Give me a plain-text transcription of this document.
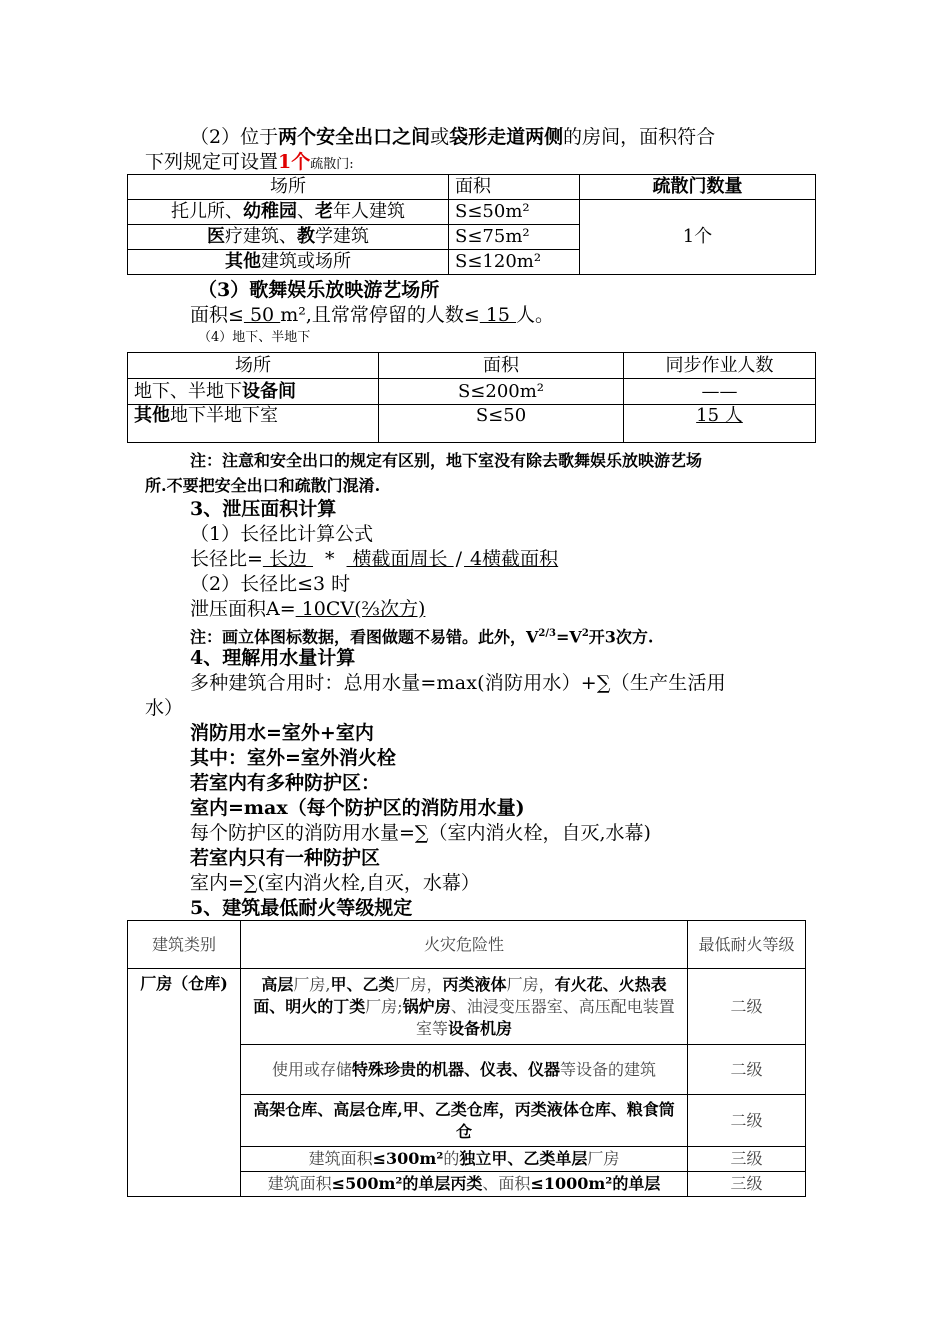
（2）位于两个安全出口之间或袋形走道两侧的房间，面积符合
下列规定可设置1个疏散门:
场所	面积	疏散门数量
托儿所、幼稚园、老年人建筑	S≤50m²	1个
医疗建筑、教学建筑	S≤75m²	
其他建筑或场所	S≤120m²	
（3）歌舞娱乐放映游艺场所
面积≤ 50 m²,且常常停留的人数≤ 15 人。
（4）地下、半地下
场所	面积	同步作业人数
地下、半地下设备间	S≤200m²	——
其他地下半地下室	S≤50	15 人
注：注意和安全出口的规定有区别，地下室没有除去歌舞娱乐放映游艺场
所.不要把安全出口和疏散门混淆.
3、泄压面积计算
（1）长径比计算公式
长径比= 长边 * 横截面周长 / 4横截面积
（2）长径比≤3 时
泄压面积A= 10CV(⅔次方)
注：画立体图标数据，看图做题不易错。此外，$V^{2/3}=V^2$开3次方.
4、理解用水量计算
多种建筑合用时：总用水量=max(消防用水）+∑（生产生活用
水）
消防用水=室外+室内
其中：室外=室外消火栓
若室内有多种防护区：
室内=max（每个防护区的消防用水量)
每个防护区的消防用水量=∑（室内消火栓，自灭,水幕)
若室内只有一种防护区
室内=∑(室内消火栓,自灭，水幕）
5、建筑最低耐火等级规定
建筑类别	火灾危险性	最低耐火等级
厂房（仓库)	高层厂房,甲、乙类厂房，丙类液体厂房，有火花、火热表面、明火的丁类厂房;锅炉房、油浸变压器室、高压配电装置室等设备机房	二级
	使用或存储特殊珍贵的机器、仪表、仪器等设备的建筑	二级
	高架仓库、高层仓库,甲、乙类仓库，丙类液体仓库、粮食筒仓	二级
	建筑面积≤300m²的独立甲、乙类单层厂房	三级
	建筑面积≤500m²的单层丙类、面积≤1000m²的单层	三级
